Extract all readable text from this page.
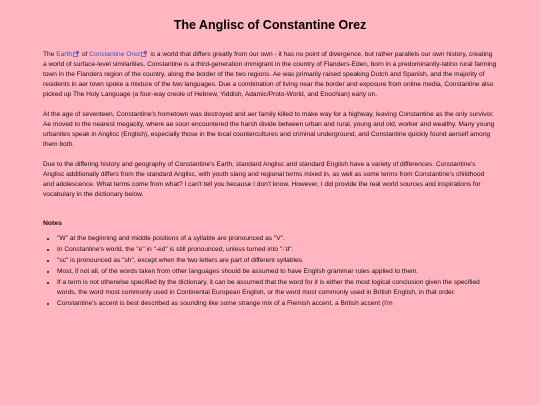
The Anglisc of Constantine Orez

The Earth of Constantine Orez is a world that differs greatly from our own - it has no point of divergence, but rather parallels our own history, creating a world of surface-level similarities. Constantine is a third-generation immigrant in the country of Flanders-Eden, born in a predominantly-latino rural farming town in the Flanders region of the country, along the border of the two regions. Ae was primarily raised speaking Dutch and Spanish, and the majority of residents in aer town spoke a mixture of the two languages. Due a combination of living near the border and exposure from online media, Constantine also picked up The Holy Language (a four-way creole of Hebrew, Yiddish, Adamic/Proto-World, and Enochian) early on.

At the age of seventeen, Constantine's hometown was destroyed and aer family killed to make way for a highway, leaving Constantine as the only survivor. Ae moved to the nearest megacity, where ae soon encountered the harsh divide between urban and rural, young and old, worker and wealthy. Many young urbanites speak in Anglisc (English), especially those in the local countercultures and criminal underground, and Constantine quickly found aerself among them both.

Due to the differing history and geography of Constantine's Earth, standard Anglisc and standard English have a variety of differences. Constantine's Anglisc additionally differs from the standard Anglisc, with youth slang and regional terms mixed in, as well as some terms from Constantine's childhood and adolescence. What terms come from what? I can't tell you because I don't know. However, I did provide the real world sources and inspirations for vocabulary in the dictionary below.

Notes
• "W" at the beginning and middle positions of a syllable are pronounced as "V".
• In Constantine's world, the "e" in "-ed" is still pronounced, unless turned into "-'d".
• "sc" is pronounced as "sh", except when the two letters are part of different syllables.
• Most, if not all, of the words taken from other languages should be assumed to have English grammar rules applied to them.
• If a term is not otherwise specified by the dictionary, it can be assumed that the word for it is either the most logical conclusion given the specified words, the word most commonly used in Continental European English, or the word most commonly used in British English, in that order.
• Constantine's accent is best described as sounding like some strange mix of a Flemish accent, a British accent (I'm
